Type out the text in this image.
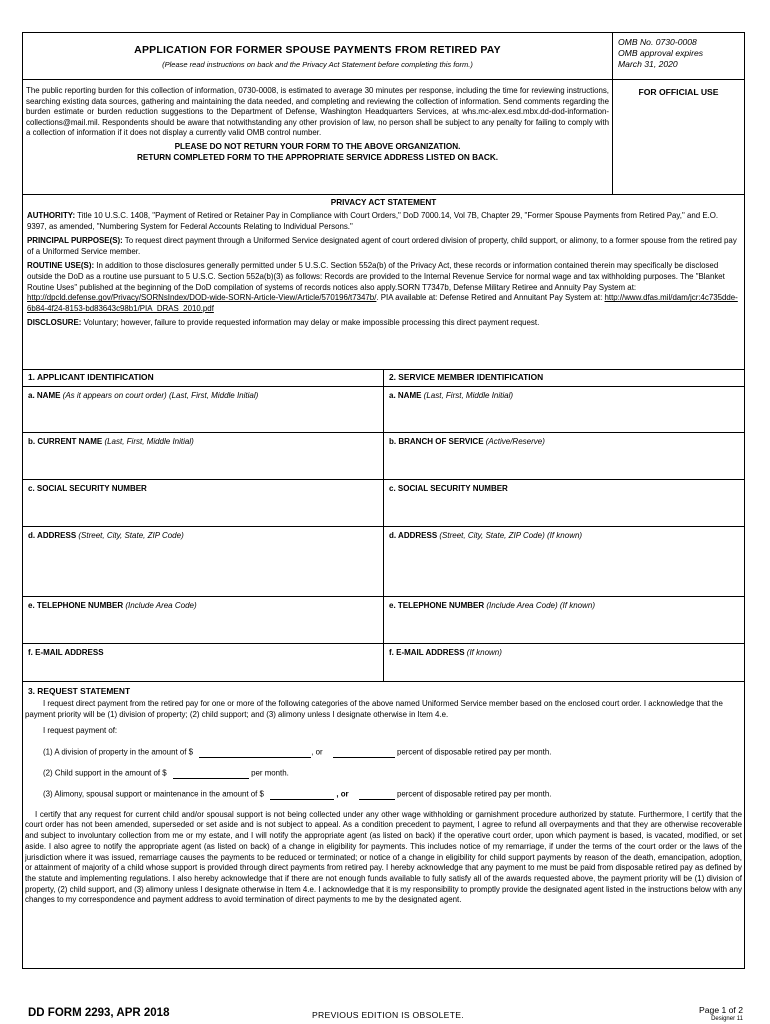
APPLICATION FOR FORMER SPOUSE PAYMENTS FROM RETIRED PAY
(Please read instructions on back and the Privacy Act Statement before completing this form.)
OMB No. 0730-0008
OMB approval expires
March 31, 2020
The public reporting burden for this collection of information, 0730-0008, is estimated to average 30 minutes per response, including the time for reviewing instructions, searching existing data sources, gathering and maintaining the data needed, and completing and reviewing the collection of information. Send comments regarding the burden estimate or burden reduction suggestions to the Department of Defense, Washington Headquarters Services, at whs.mc-alex.esd.mbx.dd-dod-information-collections@mail.mil. Respondents should be aware that notwithstanding any other provision of law, no person shall be subject to any penalty for failing to comply with a collection of information if it does not display a currently valid OMB control number.
PLEASE DO NOT RETURN YOUR FORM TO THE ABOVE ORGANIZATION.
RETURN COMPLETED FORM TO THE APPROPRIATE SERVICE ADDRESS LISTED ON BACK.
FOR OFFICIAL USE
PRIVACY ACT STATEMENT
AUTHORITY: Title 10 U.S.C. 1408, "Payment of Retired or Retainer Pay in Compliance with Court Orders," DoD 7000.14, Vol 7B, Chapter 29, "Former Spouse Payments from Retired Pay," and E.O. 9397, as amended, "Numbering System for Federal Accounts Relating to Individual Persons."
PRINCIPAL PURPOSE(S): To request direct payment through a Uniformed Service designated agent of court ordered division of property, child support, or alimony, to a former spouse from the retired pay of a Uniformed Service member.
ROUTINE USE(S): In addition to those disclosures generally permitted under 5 U.S.C. Section 552a(b) of the Privacy Act, these records or information contained therein may specifically be disclosed outside the DoD as a routine use pursuant to 5 U.S.C. Section 552a(b)(3) as follows: Records are provided to the Internal Revenue Service for normal wage and tax withholding purposes. The "Blanket Routine Uses" published at the beginning of the DoD compilation of systems of records notices also apply.SORN T7347b, Defense Military Retiree and Annuity Pay System at: http://dpcld.defense.gov/Privacy/SORNsIndex/DOD-wide-SORN-Article-View/Article/570196/t7347b/. PIA available at: Defense Retired and Annuitant Pay System at: http://www.dfas.mil/dam/jcr:4c735dde-6b84-4f24-8153-bd83643c98b1/PIA_DRAS_2010.pdf
DISCLOSURE: Voluntary; however, failure to provide requested information may delay or make impossible processing this direct payment request.
1. APPLICANT IDENTIFICATION	2. SERVICE MEMBER IDENTIFICATION
a. NAME (As it appears on court order) (Last, First, Middle Initial)	a. NAME (Last, First, Middle Initial)
b. CURRENT NAME (Last, First, Middle Initial)	b. BRANCH OF SERVICE (Active/Reserve)
c. SOCIAL SECURITY NUMBER	c. SOCIAL SECURITY NUMBER
d. ADDRESS (Street, City, State, ZIP Code)	d. ADDRESS (Street, City, State, ZIP Code) (If known)
e. TELEPHONE NUMBER (Include Area Code)	e. TELEPHONE NUMBER (Include Area Code) (If known)
f. E-MAIL ADDRESS	f. E-MAIL ADDRESS (If known)
3. REQUEST STATEMENT
I request direct payment from the retired pay for one or more of the following categories of the above named Uniformed Service member based on the enclosed court order. I acknowledge that the payment priority will be (1) division of property; (2) child support; and (3) alimony unless I designate otherwise in Item 4.e.
I request payment of:
(1) A division of property in the amount of $	, or	percent of disposable retired pay per month.
(2) Child support in the amount of $	per month.
(3) Alimony, spousal support or maintenance in the amount of $	, or	percent of disposable retired pay per month.
I certify that any request for current child and/or spousal support is not being collected under any other wage withholding or garnishment procedure authorized by statute. Furthermore, I certify that the court order has not been amended, superseded or set aside and is not subject to appeal. As a condition precedent to payment, I agree to refund all overpayments and that they are otherwise recoverable and subject to involuntary collection from me or my estate, and I will notify the appropriate agent (as listed on back) if the operative court order, upon which payment is based, is vacated, modified, or set aside. I also agree to notify the appropriate agent (as listed on back) of a change in eligibility for payments. This includes notice of my remarriage, if under the terms of the court order or the laws of the jurisdiction where it was issued, remarriage causes the payments to be reduced or terminated; or notice of a change in eligibility for child support payments by reason of the death, emancipation, adoption, or attainment of majority of a child whose support is provided through direct payments from retired pay. I hereby acknowledge that any payment to me must be paid from disposable retired pay as defined by the statute and implementing regulations. I also hereby acknowledge that if there are not enough funds available to fully satisfy all of the awards requested above, the payment priority will be (1) division of property, (2) child support, and (3) alimony unless I designate otherwise in Item 4.e. I acknowledge that it is my responsibility to promptly provide the designated agent listed in the instructions below with any changes to my correspondence and payment address to avoid termination of direct payments to me by the designated agent.
DD FORM 2293, APR 2018	PREVIOUS EDITION IS OBSOLETE.	Page 1 of 2
Designer 11
